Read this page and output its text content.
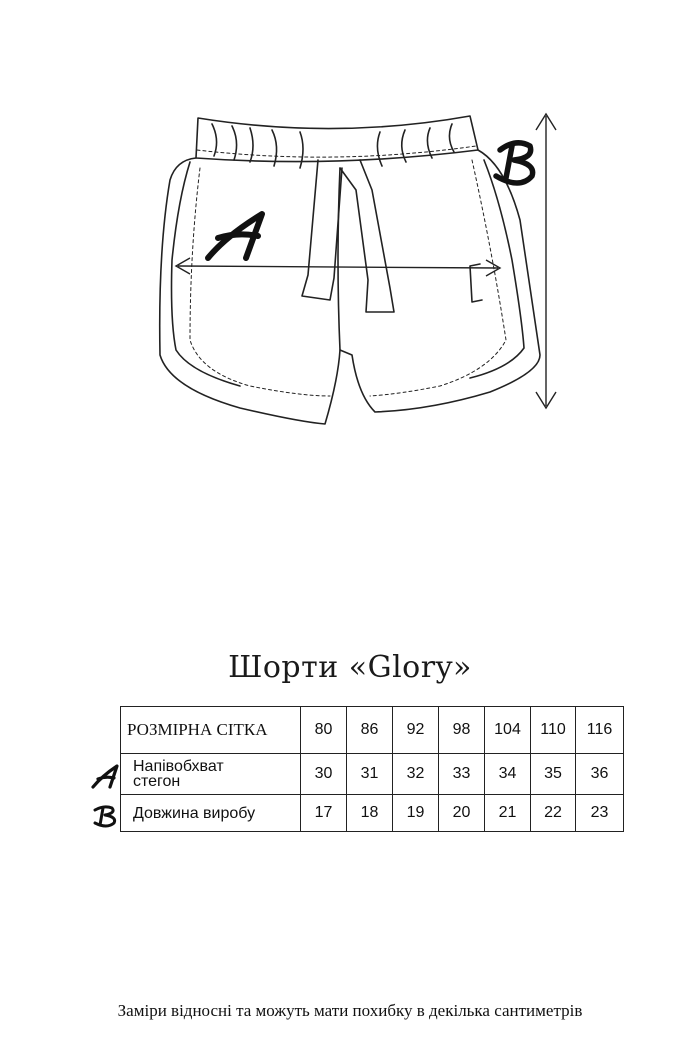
Шорти «Glory»
РОЗМІРНА СІТКА	80	86	92	98	104	110	116
Напівобхват
стегон	30	31	32	33	34	35	36
Довжина виробу	17	18	19	20	21	22	23
Заміри відносні та можуть мати похибку в декілька сантиметрів
